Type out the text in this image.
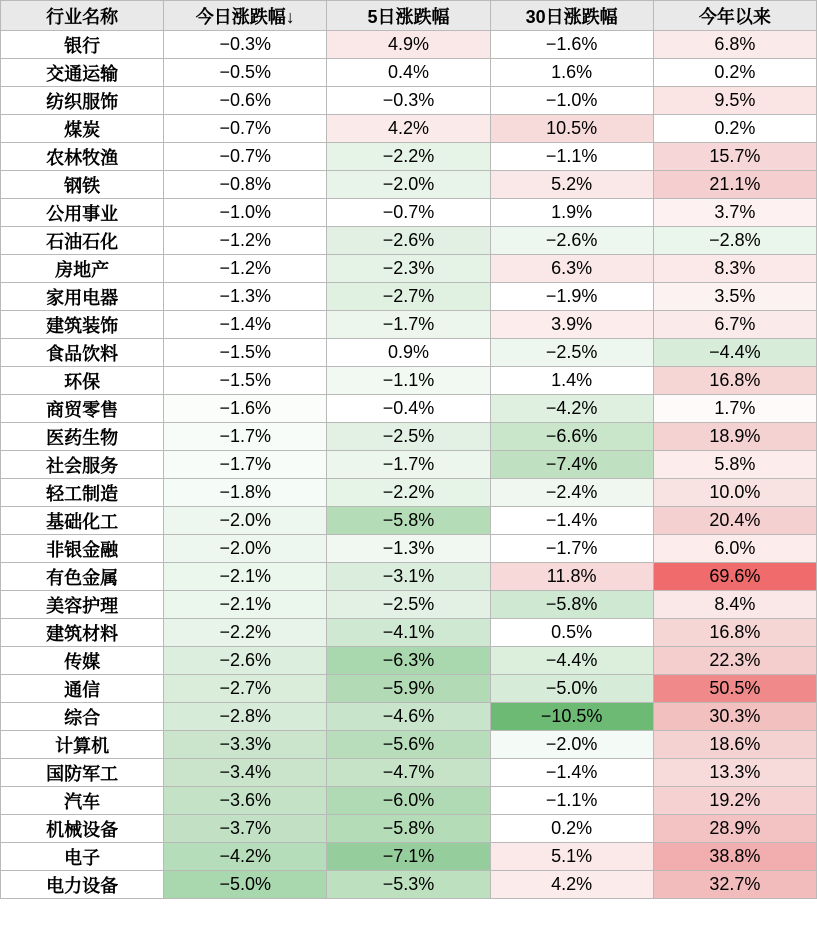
行业名称	今日涨跌幅↓	5日涨跌幅	30日涨跌幅	今年以来
银行	−0.3%	4.9%	−1.6%	6.8%
交通运输	−0.5%	0.4%	1.6%	0.2%
纺织服饰	−0.6%	−0.3%	−1.0%	9.5%
煤炭	−0.7%	4.2%	10.5%	0.2%
农林牧渔	−0.7%	−2.2%	−1.1%	15.7%
钢铁	−0.8%	−2.0%	5.2%	21.1%
公用事业	−1.0%	−0.7%	1.9%	3.7%
石油石化	−1.2%	−2.6%	−2.6%	−2.8%
房地产	−1.2%	−2.3%	6.3%	8.3%
家用电器	−1.3%	−2.7%	−1.9%	3.5%
建筑装饰	−1.4%	−1.7%	3.9%	6.7%
食品饮料	−1.5%	0.9%	−2.5%	−4.4%
环保	−1.5%	−1.1%	1.4%	16.8%
商贸零售	−1.6%	−0.4%	−4.2%	1.7%
医药生物	−1.7%	−2.5%	−6.6%	18.9%
社会服务	−1.7%	−1.7%	−7.4%	5.8%
轻工制造	−1.8%	−2.2%	−2.4%	10.0%
基础化工	−2.0%	−5.8%	−1.4%	20.4%
非银金融	−2.0%	−1.3%	−1.7%	6.0%
有色金属	−2.1%	−3.1%	11.8%	69.6%
美容护理	−2.1%	−2.5%	−5.8%	8.4%
建筑材料	−2.2%	−4.1%	0.5%	16.8%
传媒	−2.6%	−6.3%	−4.4%	22.3%
通信	−2.7%	−5.9%	−5.0%	50.5%
综合	−2.8%	−4.6%	−10.5%	30.3%
计算机	−3.3%	−5.6%	−2.0%	18.6%
国防军工	−3.4%	−4.7%	−1.4%	13.3%
汽车	−3.6%	−6.0%	−1.1%	19.2%
机械设备	−3.7%	−5.8%	0.2%	28.9%
电子	−4.2%	−7.1%	5.1%	38.8%
电力设备	−5.0%	−5.3%	4.2%	32.7%
